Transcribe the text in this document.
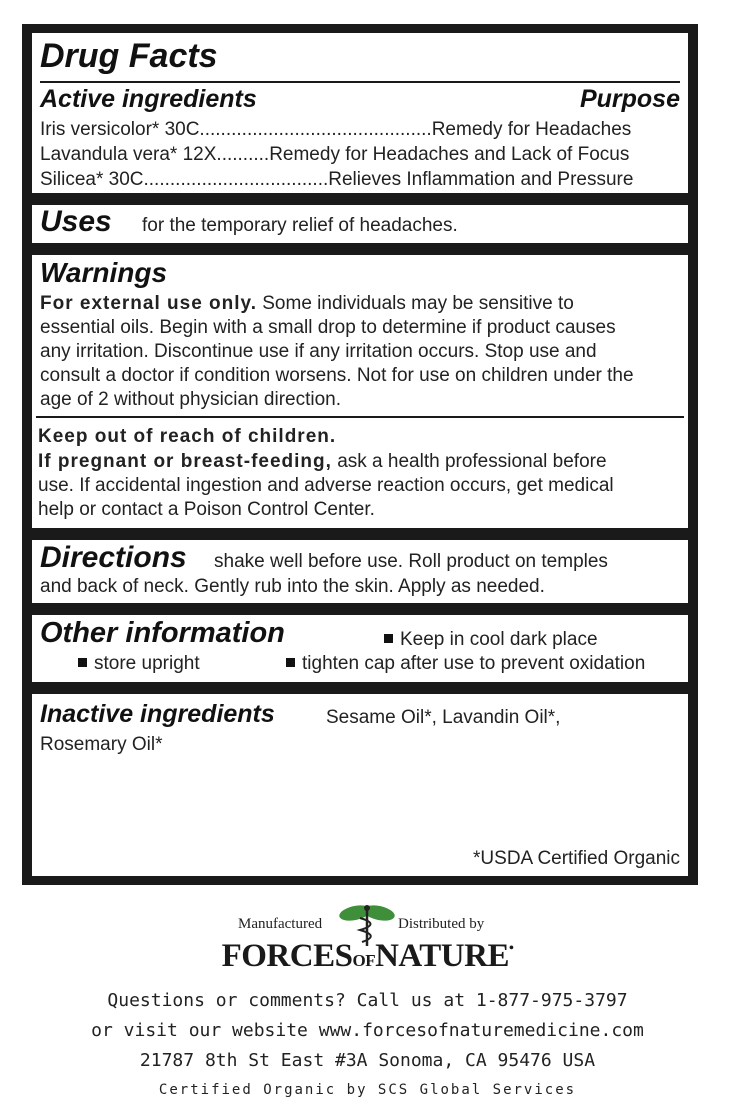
Drug Facts
Active ingredients	Purpose
Iris versicolor* 30C............................................Remedy for Headaches
Lavandula vera* 12X..........Remedy for Headaches and Lack of Focus
Silicea* 30C...................................Relieves Inflammation and Pressure
Uses for the temporary relief of headaches.
Warnings
For external use only. Some individuals may be sensitive to
essential oils. Begin with a small drop to determine if product causes
any irritation. Discontinue use if any irritation occurs. Stop use and
consult a doctor if condition worsens. Not for use on children under the
age of 2 without physician direction.
Keep out of reach of children.
If pregnant or breast-feeding, ask a health professional before
use. If accidental ingestion and adverse reaction occurs, get medical
help or contact a Poison Control Center.
Directions shake well before use. Roll product on temples
and back of neck. Gently rub into the skin. Apply as needed.
Other information	Keep in cool dark place
store upright	tighten cap after use to prevent oxidation
Inactive ingredients	Sesame Oil*, Lavandin Oil*,
Rosemary Oil*
*USDA Certified Organic
Manufactured	Distributed by
FORCESOFNATURE•
Questions or comments? Call us at 1-877-975-3797
or visit our website www.forcesofnaturemedicine.com
21787 8th St East #3A Sonoma, CA 95476 USA
Certified Organic by SCS Global Services
